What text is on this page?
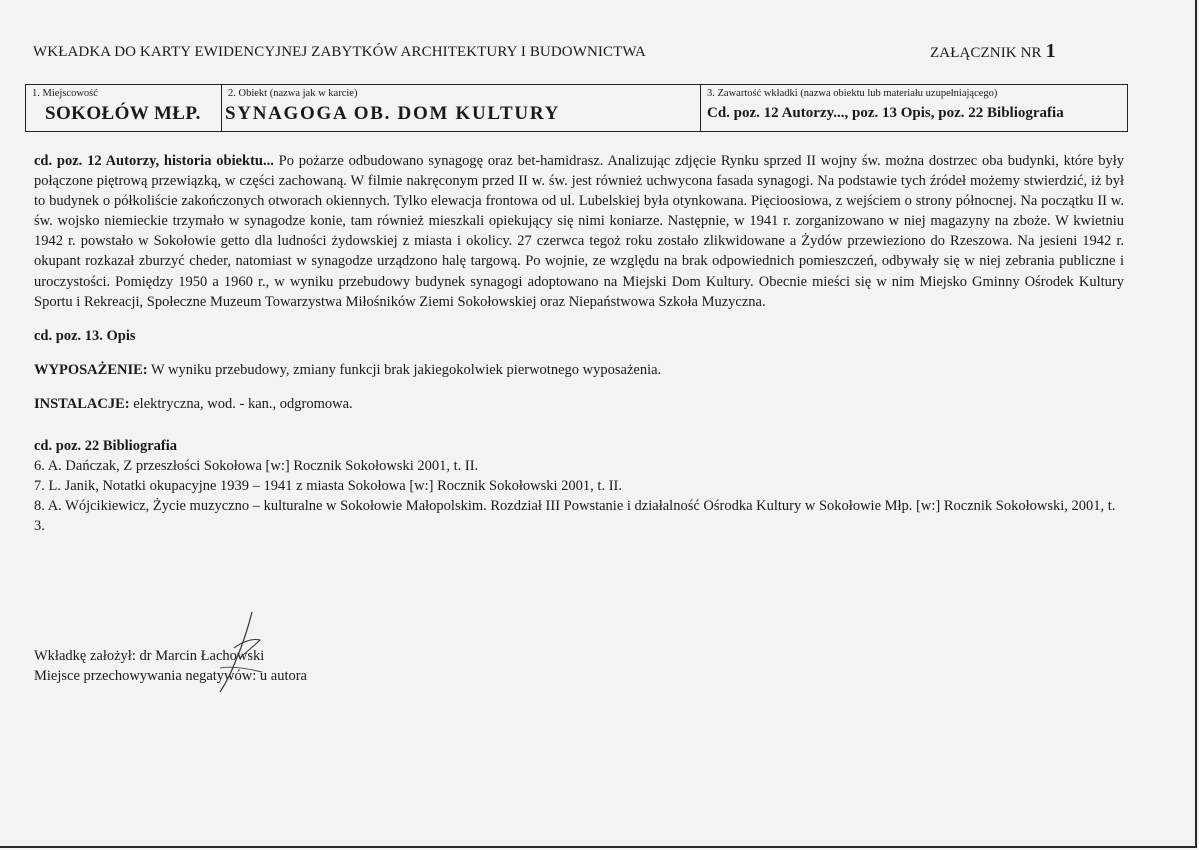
WKŁADKA DO KARTY EWIDENCYJNEJ ZABYTKÓW ARCHITEKTURY I BUDOWNICTWA	ZAŁĄCZNIK NR 1
1. Miejscowość
SOKOŁÓW MŁP.
2. Obiekt (nazwa jak w karcie)
SYNAGOGA OB. DOM KULTURY
3. Zawartość wkładki (nazwa obiektu lub materiału uzupełniającego)
Cd. poz. 12 Autorzy..., poz. 13 Opis, poz. 22 Bibliografia

cd. poz. 12 Autorzy, historia obiektu... Po pożarze odbudowano synagogę oraz bet-hamidrasz. Analizując zdjęcie Rynku sprzed II wojny św. można dostrzec oba budynki, które były połączone piętrową przewiązką, w części zachowaną. W filmie nakręconym przed II w. św. jest również uchwycona fasada synagogi. Na podstawie tych źródeł możemy stwierdzić, iż był to budynek o półkoliście zakończonych otworach okiennych. Tylko elewacja frontowa od ul. Lubelskiej była otynkowana. Pięcioosiowa, z wejściem o strony północnej. Na początku II w. św. wojsko niemieckie trzymało w synagodze konie, tam również mieszkali opiekujący się nimi koniarze. Następnie, w 1941 r. zorganizowano w niej magazyny na zboże. W kwietniu 1942 r. powstało w Sokołowie getto dla ludności żydowskiej z miasta i okolicy. 27 czerwca tegoż roku zostało zlikwidowane a Żydów przewieziono do Rzeszowa. Na jesieni 1942 r. okupant rozkazał zburzyć cheder, natomiast w synagodze urządzono halę targową. Po wojnie, ze względu na brak odpowiednich pomieszczeń, odbywały się w niej zebrania publiczne i uroczystości. Pomiędzy 1950 a 1960 r., w wyniku przebudowy budynek synagogi adoptowano na Miejski Dom Kultury. Obecnie mieści się w nim Miejsko Gminny Ośrodek Kultury Sportu i Rekreacji, Społeczne Muzeum Towarzystwa Miłośników Ziemi Sokołowskiej oraz Niepaństwowa Szkoła Muzyczna.

cd. poz. 13. Opis

WYPOSAŻENIE: W wyniku przebudowy, zmiany funkcji brak jakiegokolwiek pierwotnego wyposażenia.

INSTALACJE: elektryczna, wod. - kan., odgromowa.

cd. poz. 22 Bibliografia

6. A. Dańczak, Z przeszłości Sokołowa [w:] Rocznik Sokołowski 2001, t. II.

7. L. Janik, Notatki okupacyjne 1939 – 1941 z miasta Sokołowa [w:] Rocznik Sokołowski 2001, t. II.

8. A. Wójcikiewicz, Życie muzyczno – kulturalne w Sokołowie Małopolskim. Rozdział III Powstanie i działalność Ośrodka Kultury w Sokołowie Młp. [w:] Rocznik Sokołowski, 2001, t. 3.

Wkładkę założył: dr Marcin Łachowski
Miejsce przechowywania negatywów: u autora
